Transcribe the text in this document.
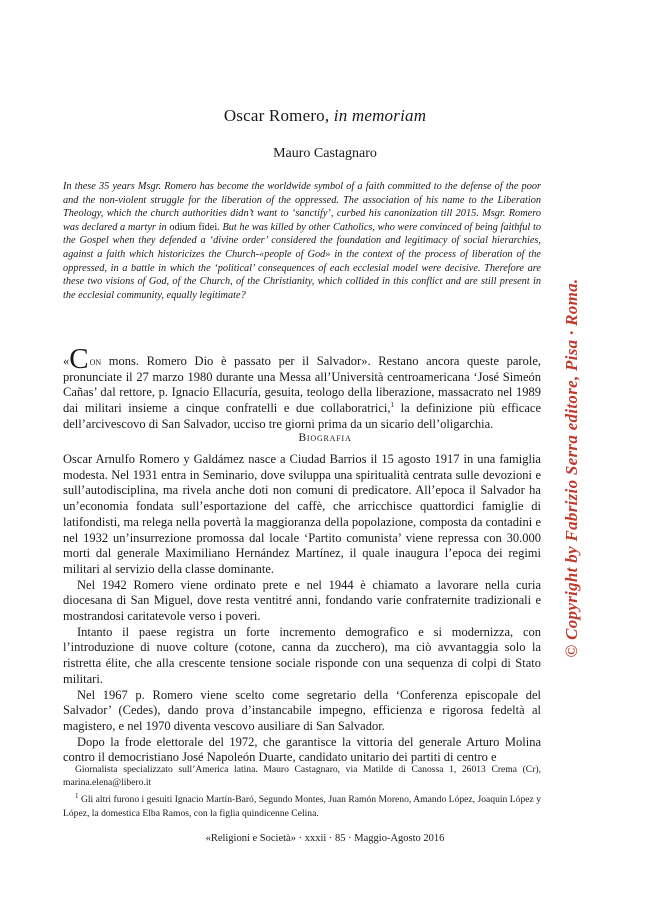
Oscar Romero, in memoriam
Mauro Castagnaro

In these 35 years Msgr. Romero has become the worldwide symbol of a faith committed to the defense of the poor and the non-violent struggle for the liberation of the oppressed. The association of his name to the Liberation Theology, which the church authorities didn’t want to ‘sanctify’, curbed his canonization till 2015. Msgr. Romero was declared a martyr in odium fidei. But he was killed by other Catholics, who were convinced of being faithful to the Gospel when they defended a ‘divine order’ considered the foundation and legitimacy of social hierarchies, against a faith which historicizes the Church-«people of God» in the context of the process of liberation of the oppressed, in a battle in which the ‘political’ consequences of each ecclesial model were decisive. Therefore are these two visions of God, of the Church, of the Christianity, which collided in this conflict and are still present in the ecclesial community, equally legitimate?

«Con mons. Romero Dio è passato per il Salvador». Restano ancora queste parole, pronunciate il 27 marzo 1980 durante una Messa all’Università centroamericana ‘José Simeón Cañas’ dal rettore, p. Ignacio Ellacuría, gesuita, teologo della liberazione, massacrato nel 1989 dai militari insieme a cinque confratelli e due collaboratrici,$^1$ la definizione più efficace dell’arcivescovo di San Salvador, ucciso tre giorni prima da un sicario dell’oligarchia.

Biografia

Oscar Arnulfo Romero y Galdámez nasce a Ciudad Barrios il 15 agosto 1917 in una famiglia modesta. Nel 1931 entra in Seminario, dove sviluppa una spiritualità centrata sulle devozioni e sull’autodisciplina, ma rivela anche doti non comuni di predicatore. All’epoca il Salvador ha un’economia fondata sull’esportazione del caffè, che arricchisce quattordici famiglie di latifondisti, ma relega nella povertà la maggioranza della popolazione, composta da contadini e nel 1932 un’insurrezione promossa dal locale ‘Partito comunista’ viene repressa con 30.000 morti dal generale Maximiliano Hernández Martínez, il quale inaugura l’epoca dei regimi militari al servizio della classe dominante.

Nel 1942 Romero viene ordinato prete e nel 1944 è chiamato a lavorare nella curia diocesana di San Miguel, dove resta ventitré anni, fondando varie confraternite tradizionali e mostrandosi caritatevole verso i poveri.

Intanto il paese registra un forte incremento demografico e si modernizza, con l’introduzione di nuove colture (cotone, canna da zucchero), ma ciò avvantaggia solo la ristretta élite, che alla crescente tensione sociale risponde con una sequenza di colpi di Stato militari.

Nel 1967 p. Romero viene scelto come segretario della ‘Conferenza episcopale del Salvador’ (Cedes), dando prova d’instancabile impegno, efficienza e rigorosa fedeltà al magistero, e nel 1970 diventa vescovo ausiliare di San Salvador.

Dopo la frode elettorale del 1972, che garantisce la vittoria del generale Arturo Molina contro il democristiano José Napoleón Duarte, candidato unitario dei partiti di centro e

Giornalista specializzato sull’America latina. Mauro Castagnaro, via Matilde di Canossa 1, 26013 Crema (Cr), marina.elena@libero.it

$^1$ Gli altri furono i gesuiti Ignacio Martín-Baró, Segundo Montes, Juan Ramón Moreno, Amando López, Joaquín López y López, la domestica Elba Ramos, con la figlia quindicenne Celina.

«Religioni e Società» · xxxii · 85 · Maggio-Agosto 2016
© Copyright by Fabrizio Serra editore, Pisa · Roma.
